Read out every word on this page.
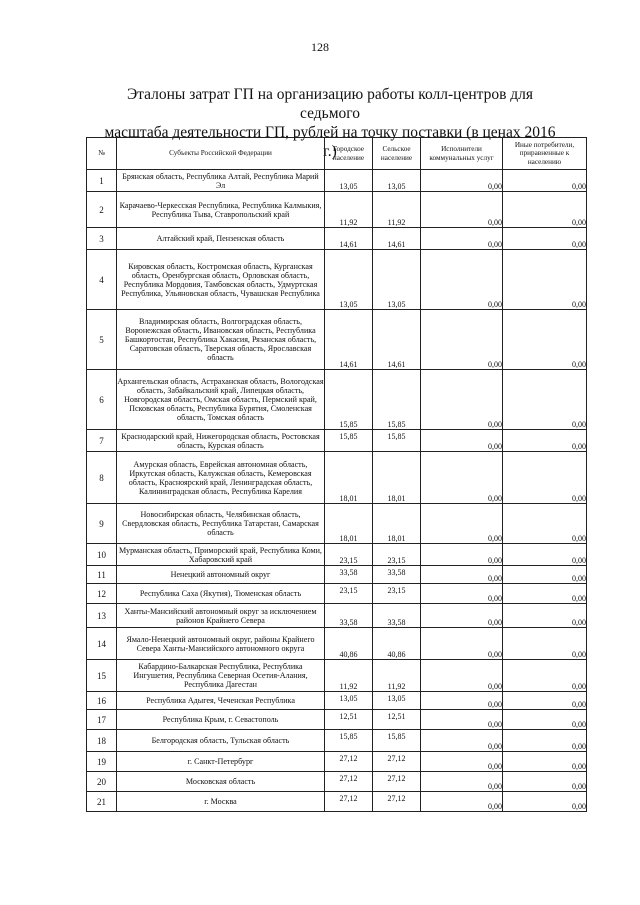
128
Эталоны затрат ГП на организацию работы колл-центров для седьмого
масштаба деятельности ГП, рублей на точку поставки (в ценах 2016 г.)
№	Субъекты Российской Федерации	Городское население	Сельское население	Исполнители коммунальных услуг	Иные потребители, приравненные к населению
1	Брянская область, Республика Алтай, Республика Марий Эл	13,05	13,05	0,00	0,00
2	Карачаево-Черкесская Республика, Республика Калмыкия, Республика Тыва, Ставропольский край	11,92	11,92	0,00	0,00
3	Алтайский край, Пензенская область	14,61	14,61	0,00	0,00
4	Кировская область, Костромская область, Курганская область, Оренбургская область, Орловская область, Республика Мордовия, Тамбовская область, Удмуртская Республика, Ульяновская область, Чувашская Республика	13,05	13,05	0,00	0,00
5	Владимирская область, Волгоградская область, Воронежская область, Ивановская область, Республика Башкортостан, Республика Хакасия, Рязанская область, Саратовская область, Тверская область, Ярославская область	14,61	14,61	0,00	0,00
6	Архангельская область, Астраханская область, Вологодская область, Забайкальский край, Липецкая область, Новгородская область, Омская область, Пермский край, Псковская область, Республика Бурятия, Смоленская область, Томская область	15,85	15,85	0,00	0,00
7	Краснодарский край, Нижегородская область, Ростовская область, Курская область	15,85	15,85	0,00	0,00
8	Амурская область, Еврейская автономная область, Иркутская область, Калужская область, Кемеровская область, Красноярский край, Ленинградская область, Калининградская область, Республика Карелия	18,01	18,01	0,00	0,00
9	Новосибирская область, Челябинская область, Свердловская область, Республика Татарстан, Самарская область	18,01	18,01	0,00	0,00
10	Мурманская область, Приморский край, Республика Коми, Хабаровский край	23,15	23,15	0,00	0,00
11	Ненецкий автономный округ	33,58	33,58	0,00	0,00
12	Республика Саха (Якутия), Тюменская область	23,15	23,15	0,00	0,00
13	Ханты-Мансийский автономный округ за исключением районов Крайнего Севера	33,58	33,58	0,00	0,00
14	Ямало-Ненецкий автономный округ, районы Крайнего Севера Ханты-Мансийского автономного округа	40,86	40,86	0,00	0,00
15	Кабардино-Балкарская Республика, Республика Ингушетия, Республика Северная Осетия-Алания, Республика Дагестан	11,92	11,92	0,00	0,00
16	Республика Адыгея, Чеченская Республика	13,05	13,05	0,00	0,00
17	Республика Крым, г. Севастополь	12,51	12,51	0,00	0,00
18	Белгородская область, Тульская область	15,85	15,85	0,00	0,00
19	г. Санкт-Петербург	27,12	27,12	0,00	0,00
20	Московская область	27,12	27,12	0,00	0,00
21	г. Москва	27,12	27,12	0,00	0,00
